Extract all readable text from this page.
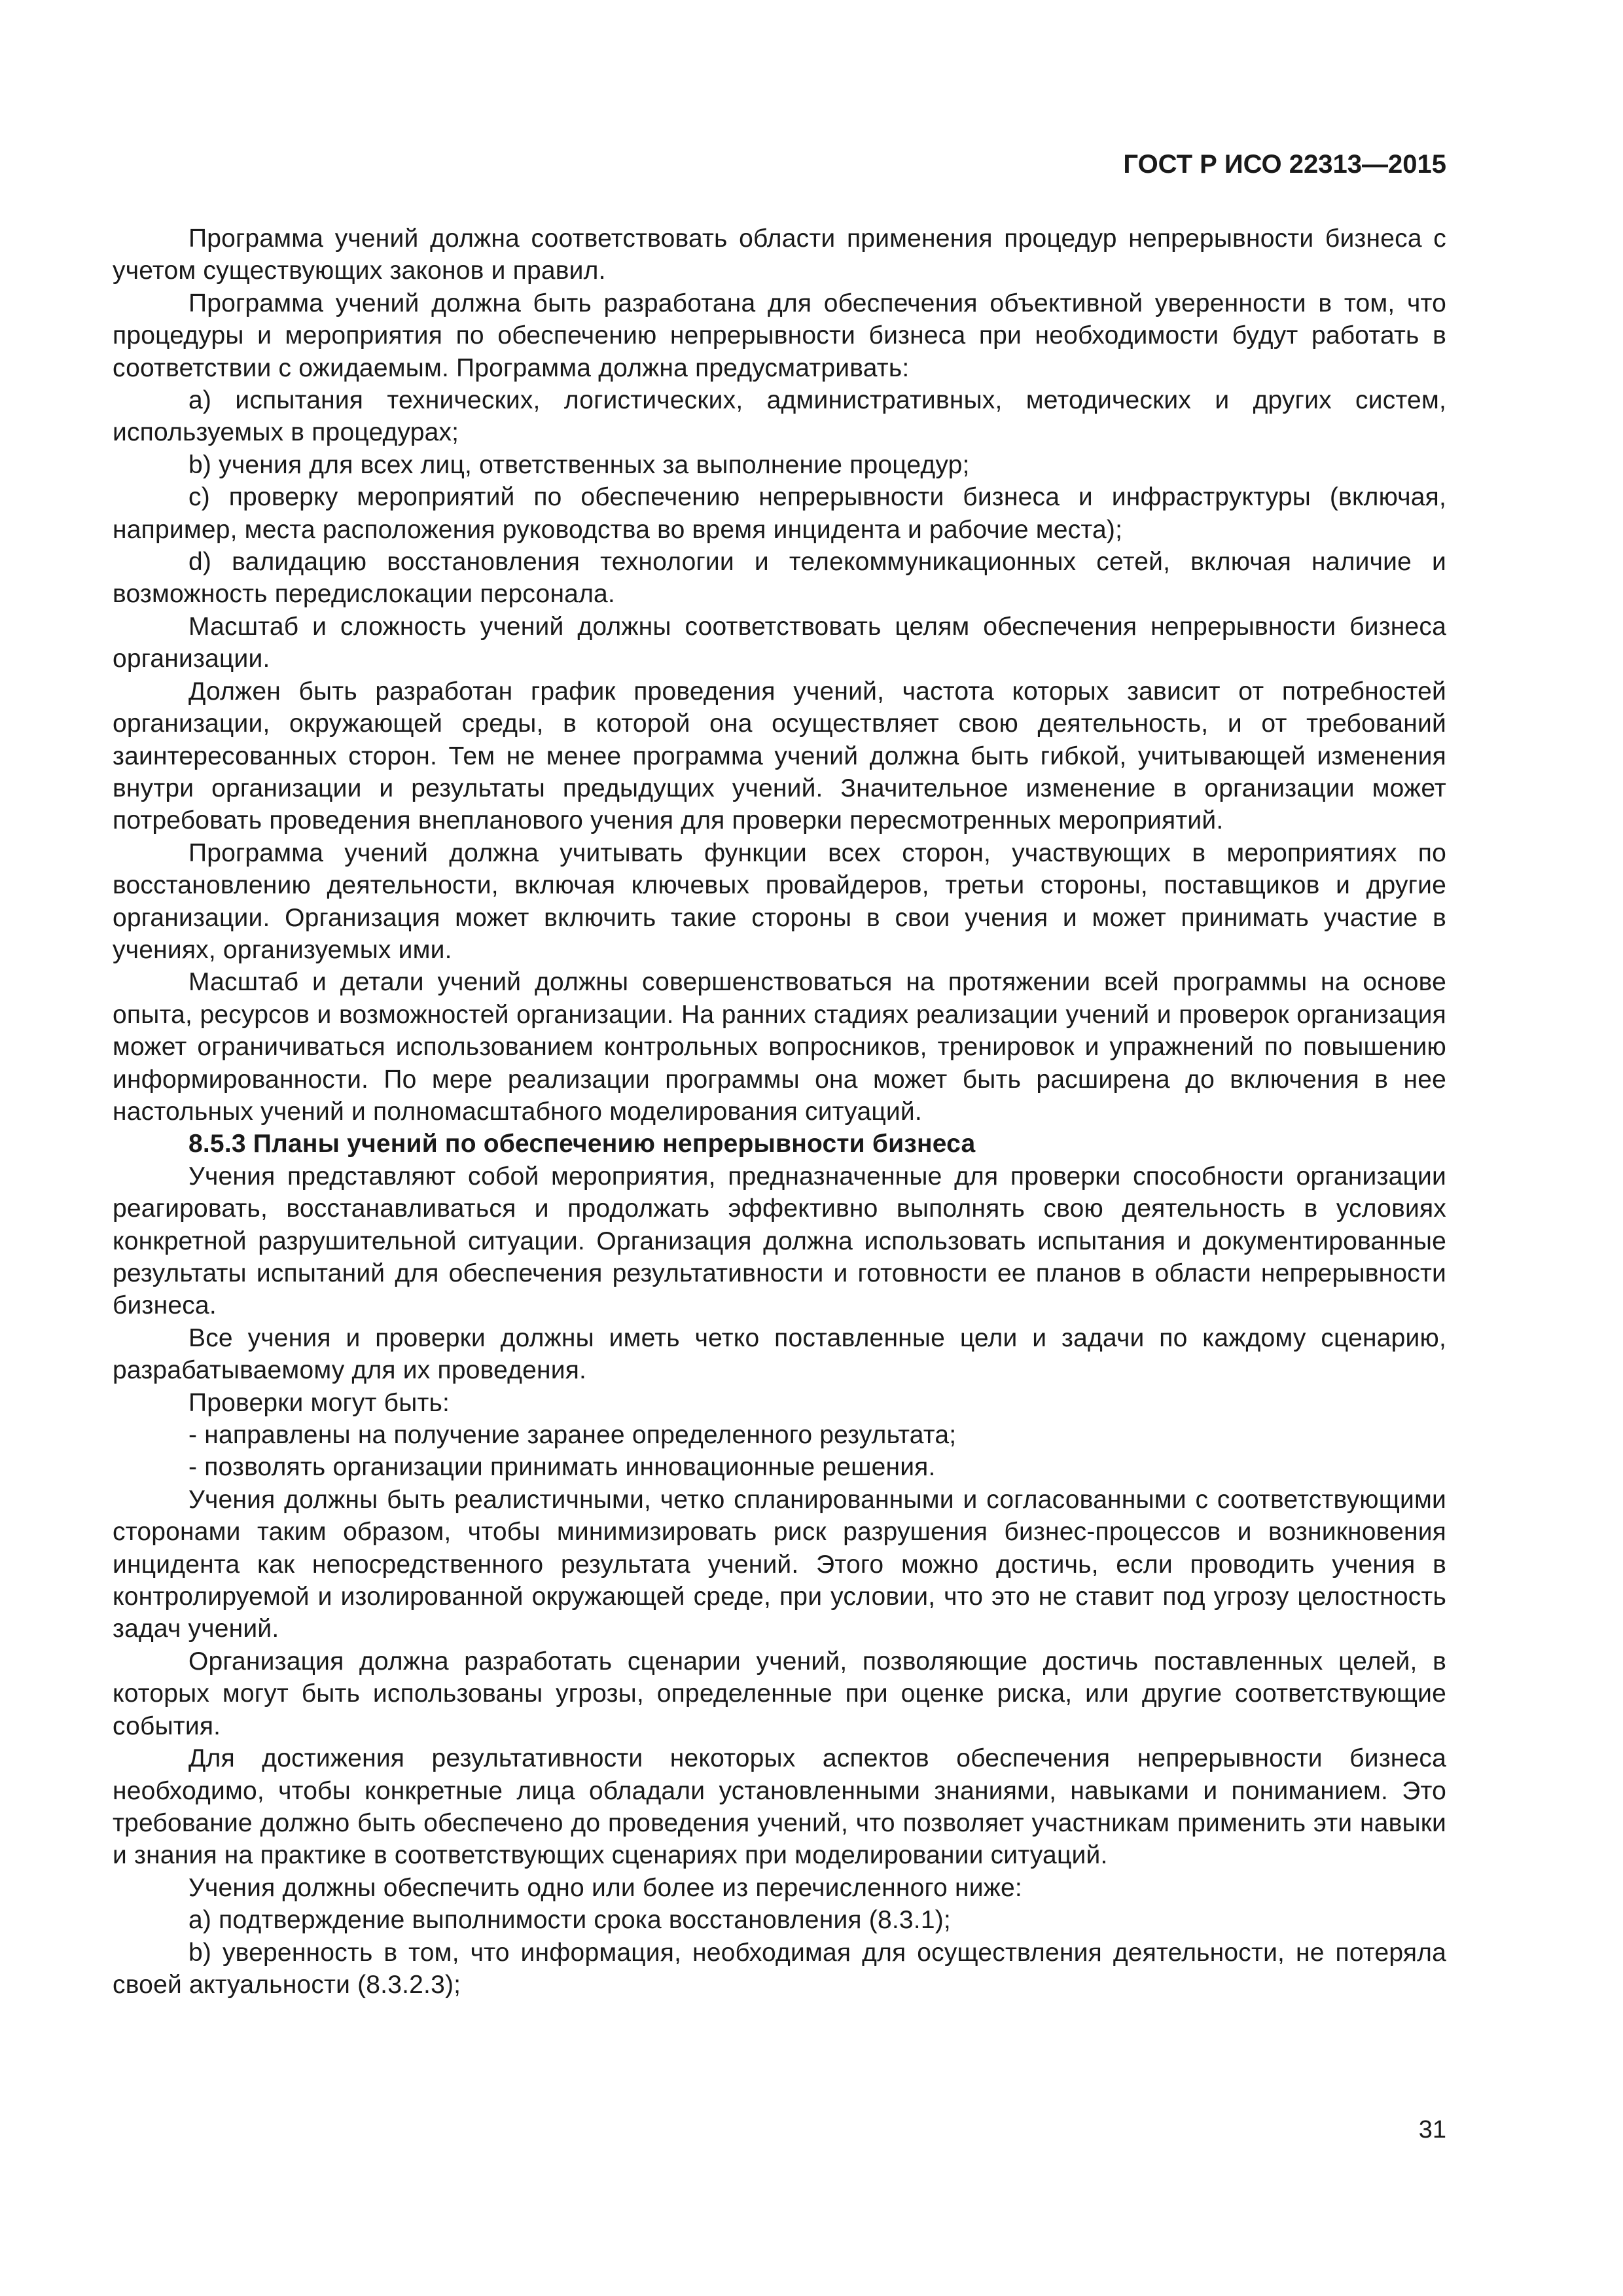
ГОСТ Р ИСО 22313—2015

Программа учений должна соответствовать области применения процедур непрерывности бизнеса с учетом существующих законов и правил.

Программа учений должна быть разработана для обеспечения объективной уверенности в том, что процедуры и мероприятия по обеспечению непрерывности бизнеса при необходимости будут работать в соответствии с ожидаемым. Программа должна предусматривать:

a) испытания технических, логистических, административных, методических и других систем, используемых в процедурах;

b) учения для всех лиц, ответственных за выполнение процедур;

c) проверку мероприятий по обеспечению непрерывности бизнеса и инфраструктуры (включая, например, места расположения руководства во время инцидента и рабочие места);

d) валидацию восстановления технологии и телекоммуникационных сетей, включая наличие и возможность передислокации персонала.

Масштаб и сложность учений должны соответствовать целям обеспечения непрерывности бизнеса организации.

Должен быть разработан график проведения учений, частота которых зависит от потребностей организации, окружающей среды, в которой она осуществляет свою деятельность, и от требований заинтересованных сторон. Тем не менее программа учений должна быть гибкой, учитывающей изменения внутри организации и результаты предыдущих учений. Значительное изменение в организации может потребовать проведения внепланового учения для проверки пересмотренных мероприятий.

Программа учений должна учитывать функции всех сторон, участвующих в мероприятиях по восстановлению деятельности, включая ключевых провайдеров, третьи стороны, поставщиков и другие организации. Организация может включить такие стороны в свои учения и может принимать участие в учениях, организуемых ими.

Масштаб и детали учений должны совершенствоваться на протяжении всей программы на основе опыта, ресурсов и возможностей организации. На ранних стадиях реализации учений и проверок организация может ограничиваться использованием контрольных вопросников, тренировок и упражнений по повышению информированности. По мере реализации программы она может быть расширена до включения в нее настольных учений и полномасштабного моделирования ситуаций.

8.5.3 Планы учений по обеспечению непрерывности бизнеса

Учения представляют собой мероприятия, предназначенные для проверки способности организации реагировать, восстанавливаться и продолжать эффективно выполнять свою деятельность в условиях конкретной разрушительной ситуации. Организация должна использовать испытания и документированные результаты испытаний для обеспечения результативности и готовности ее планов в области непрерывности бизнеса.

Все учения и проверки должны иметь четко поставленные цели и задачи по каждому сценарию, разрабатываемому для их проведения.

Проверки могут быть:

- направлены на получение заранее определенного результата;

- позволять организации принимать инновационные решения.

Учения должны быть реалистичными, четко спланированными и согласованными с соответствующими сторонами таким образом, чтобы минимизировать риск разрушения бизнес-процессов и возникновения инцидента как непосредственного результата учений. Этого можно достичь, если проводить учения в контролируемой и изолированной окружающей среде, при условии, что это не ставит под угрозу целостность задач учений.

Организация должна разработать сценарии учений, позволяющие достичь поставленных целей, в которых могут быть использованы угрозы, определенные при оценке риска, или другие соответствующие события.

Для достижения результативности некоторых аспектов обеспечения непрерывности бизнеса необходимо, чтобы конкретные лица обладали установленными знаниями, навыками и пониманием. Это требование должно быть обеспечено до проведения учений, что позволяет участникам применить эти навыки и знания на практике в соответствующих сценариях при моделировании ситуаций.

Учения должны обеспечить одно или более из перечисленного ниже:

a) подтверждение выполнимости срока восстановления (8.3.1);

b) уверенность в том, что информация, необходимая для осуществления деятельности, не потеряла своей актуальности (8.3.2.3);

31
